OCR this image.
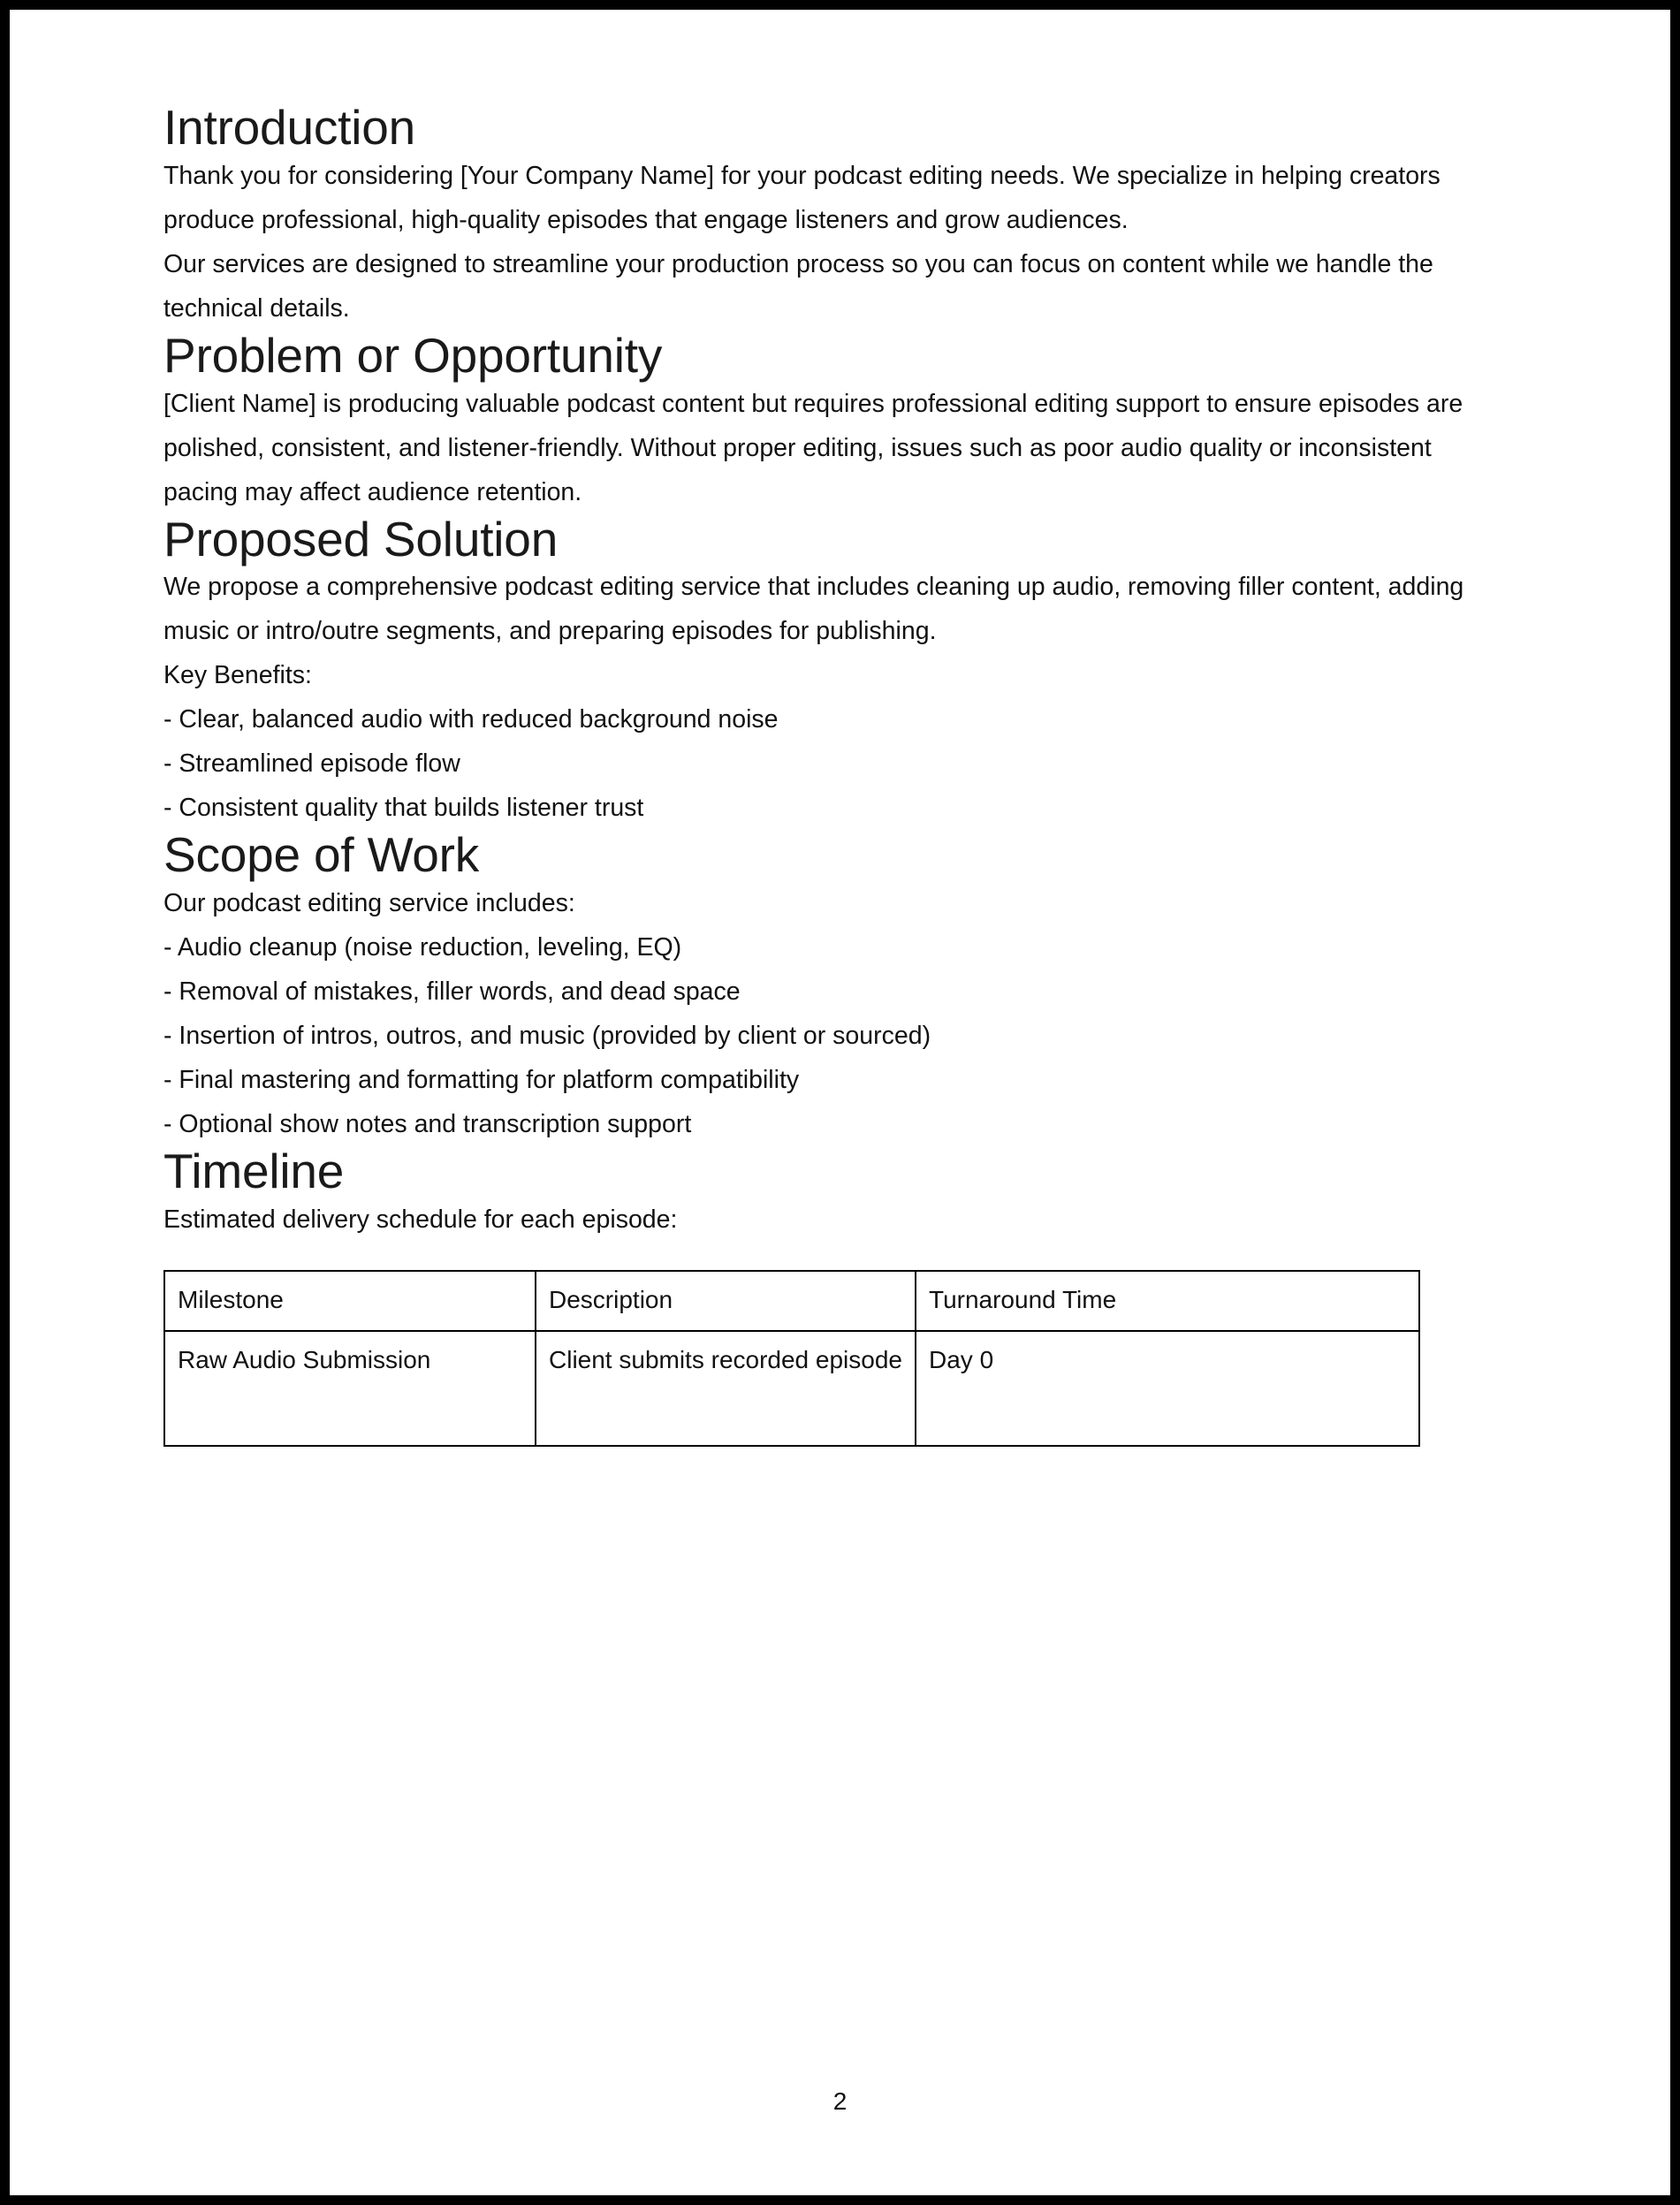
Introduction

Thank you for considering [Your Company Name] for your podcast editing needs. We specialize in helping creators produce professional, high-quality episodes that engage listeners and grow audiences.

Our services are designed to streamline your production process so you can focus on content while we handle the technical details.

Problem or Opportunity

[Client Name] is producing valuable podcast content but requires professional editing support to ensure episodes are polished, consistent, and listener-friendly. Without proper editing, issues such as poor audio quality or inconsistent pacing may affect audience retention.

Proposed Solution

We propose a comprehensive podcast editing service that includes cleaning up audio, removing filler content, adding music or intro/outre segments, and preparing episodes for publishing.

Key Benefits:
- Clear, balanced audio with reduced background noise
- Streamlined episode flow
- Consistent quality that builds listener trust
Scope of Work

Our podcast editing service includes:

- Audio cleanup (noise reduction, leveling, EQ)
- Removal of mistakes, filler words, and dead space
- Insertion of intros, outros, and music (provided by client or sourced)
- Final mastering and formatting for platform compatibility
- Optional show notes and transcription support
Timeline

Estimated delivery schedule for each episode:

Milestone	Description	Turnaround Time
Raw Audio Submission	Client submits recorded episode	Day 0
2
